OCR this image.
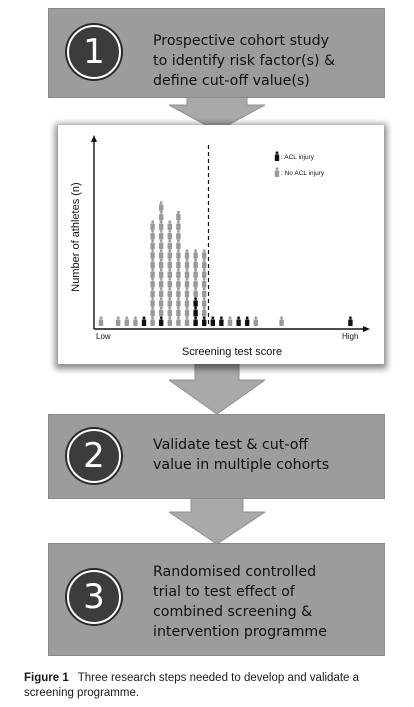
1	Prospective cohort study
to identify risk factor(s) &
define cut-off value(s)
Number of athletes (n)
Low	High
Screening test score
: ACL injury
: No ACL injury
2	Validate test & cut-off
value in multiple cohorts
3
Randomised controlled
trial to test effect of
combined screening &
intervention programme
Figure 1 Three research steps needed to develop and validate a screening programme.
